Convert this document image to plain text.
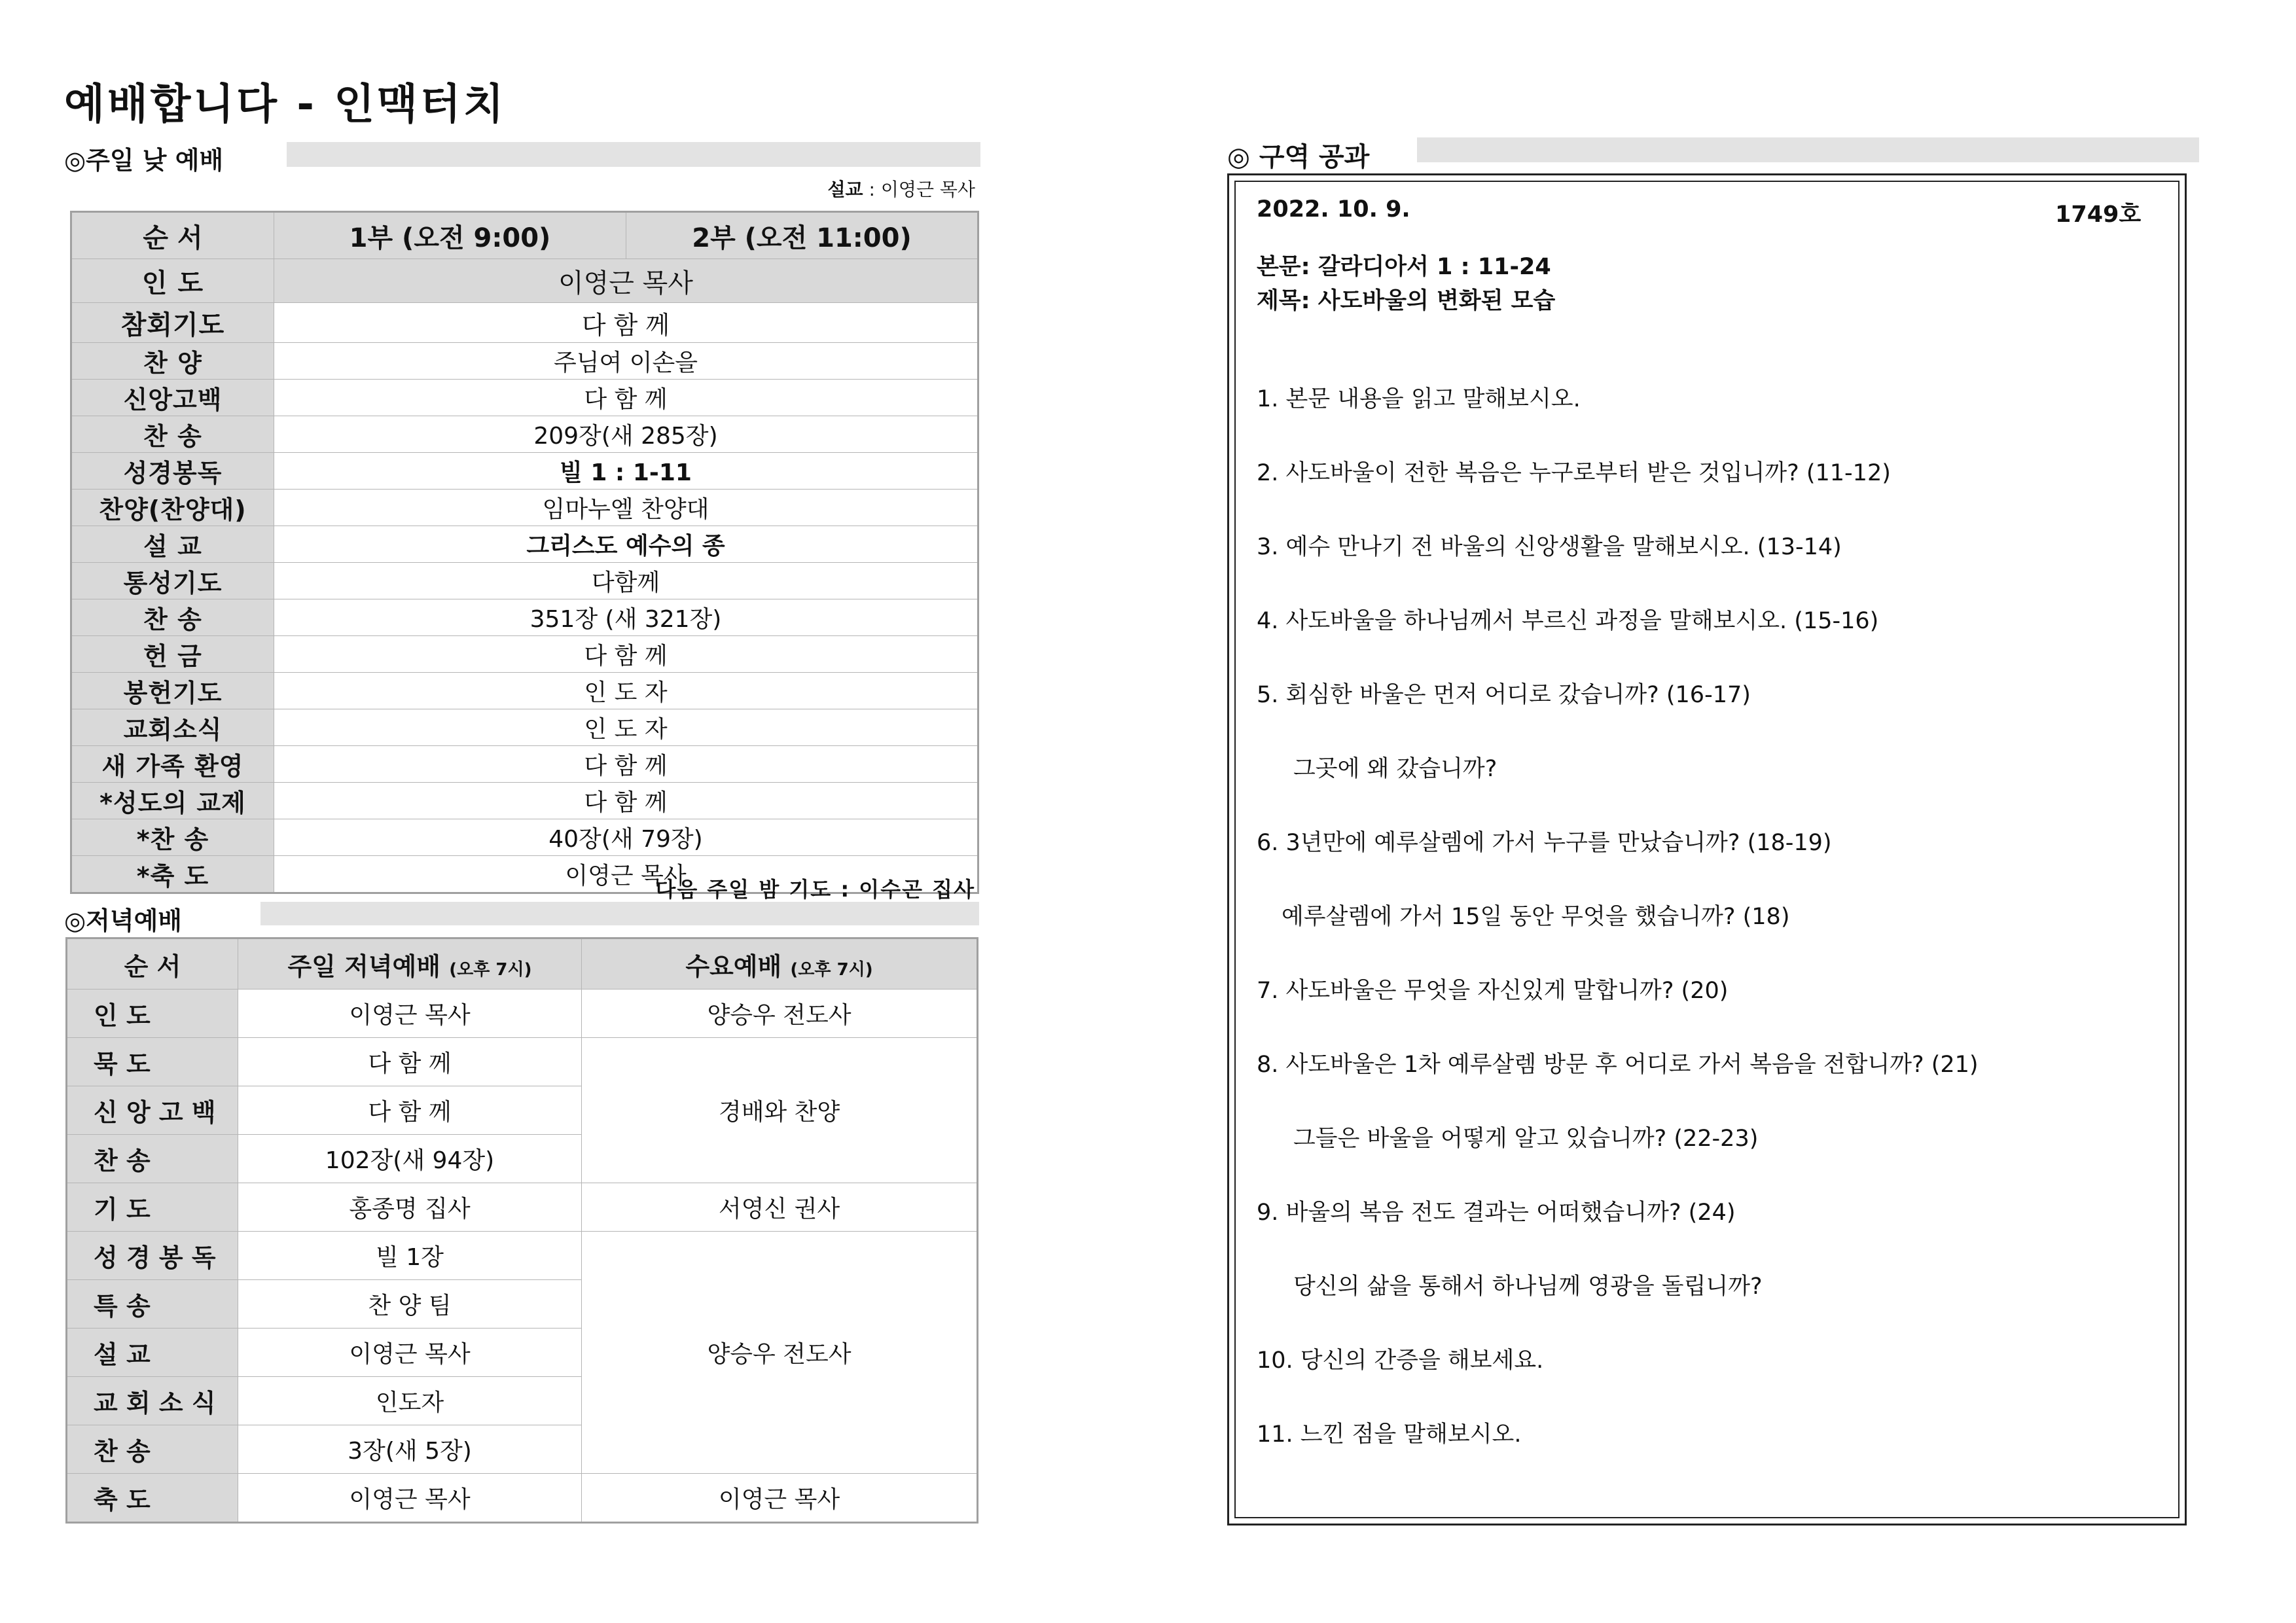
예배합니다 - 인맥터치
◎주일 낮 예배
설교 : 이영근 목사
순 서	1부 (오전 9:00)	2부 (오전 11:00)
인 도	이영근 목사	
참회기도	다 함 께	
찬 양	주님여 이손을	
신앙고백	다 함 께	
찬 송	209장(새 285장)	
성경봉독	빌 1 : 1-11	
찬양(찬양대)	임마누엘 찬양대	
설 교	그리스도 예수의 종	
통성기도	다함께	
찬 송	351장 (새 321장)	
헌 금	다 함 께	
봉헌기도	인 도 자	
교회소식	인 도 자	
새 가족 환영	다 함 께	
*성도의 교제	다 함 께	
*찬 송	40장(새 79장)	
*축 도	이영근 목사	
다음 주일 밤 기도 : 이수곤 집사
◎저녁예배
순 서	주일 저녁예배 (오후 7시)	수요예배 (오후 7시)
인 도	이영근 목사	양승우 전도사
묵 도	다 함 께	경배와 찬양
신 앙 고 백	다 함 께	
찬 송	102장(새 94장)	
기 도	홍종명 집사	서영신 권사
성 경 봉 독	빌 1장	양승우 전도사
특 송	찬 양 팀	
설 교	이영근 목사	
교 회 소 식	인도자	
찬 송	3장(새 5장)	
축 도	이영근 목사	이영근 목사
◎ 구역 공과
2022. 10. 9.	1749호
본문: 갈라디아서 1 : 11-24
제목: 사도바울의 변화된 모습
1. 본문 내용을 읽고 말해보시오.
2. 사도바울이 전한 복음은 누구로부터 받은 것입니까? (11-12)
3. 예수 만나기 전 바울의 신앙생활을 말해보시오. (13-14)
4. 사도바울을 하나님께서 부르신 과정을 말해보시오. (15-16)
5. 회심한 바울은 먼저 어디로 갔습니까? (16-17)
그곳에 왜 갔습니까?
6. 3년만에 예루살렘에 가서 누구를 만났습니까? (18-19)
예루살렘에 가서 15일 동안 무엇을 했습니까? (18)
7. 사도바울은 무엇을 자신있게 말합니까? (20)
8. 사도바울은 1차 예루살렘 방문 후 어디로 가서 복음을 전합니까? (21)
그들은 바울을 어떻게 알고 있습니까? (22-23)
9. 바울의 복음 전도 결과는 어떠했습니까? (24)
당신의 삶을 통해서 하나님께 영광을 돌립니까?
10. 당신의 간증을 해보세요.
11. 느낀 점을 말해보시오.
